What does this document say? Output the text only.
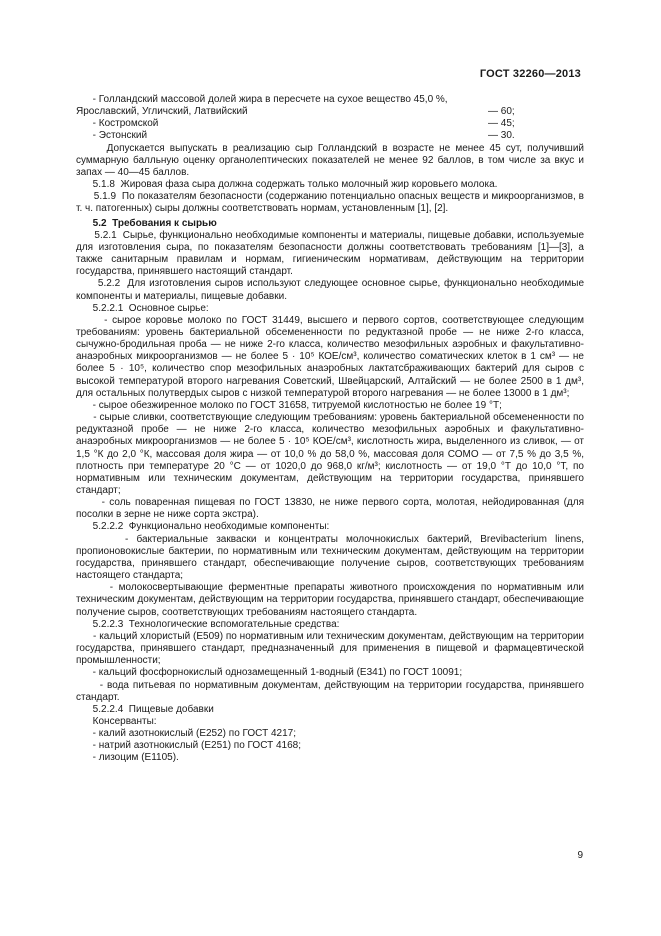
ГОСТ 32260—2013

- Голландский массовой долей жира в пересчете на сухое вещество 45,0 %,

Ярославский, Угличский, Латвийский	— 60;
- Костромской	— 45;
- Эстонский	— 30.

Допускается выпускать в реализацию сыр Голландский в возрасте не менее 45 сут, получивший суммарную балльную оценку органолептических показателей не менее 92 баллов, в том числе за вкус и запах — 40—45 баллов.

5.1.8  Жировая фаза сыра должна содержать только молочный жир коровьего молока.

5.1.9  По показателям безопасности (содержанию потенциально опасных веществ и микроорганизмов, в т. ч. патогенных) сыры должны соответствовать нормам, установленным [1], [2].

5.2  Требования к сырью

5.2.1  Сырье, функционально необходимые компоненты и материалы, пищевые добавки, используемые для изготовления сыра, по показателям безопасности должны соответствовать требованиям [1]—[3], а также санитарным правилам и нормам, гигиеническим нормативам, действующим на территории государства, принявшего настоящий стандарт.

5.2.2  Для изготовления сыров используют следующее основное сырье, функционально необходимые компоненты и материалы, пищевые добавки.

5.2.2.1  Основное сырье:

- сырое коровье молоко по ГОСТ 31449, высшего и первого сортов, соответствующее следующим требованиям: уровень бактериальной обсемененности по редуктазной пробе — не ниже 2-го класса, сычужно-бродильная проба — не ниже 2-го класса, количество мезофильных аэробных и факультативно-анаэробных микроорганизмов — не более 5 · 10⁵ КОЕ/см³, количество соматических клеток в 1 см³ — не более 5 · 10⁵, количество спор мезофильных анаэробных лактатсбраживающих бактерий для сыров с высокой температурой второго нагревания Советский, Швейцарский, Алтайский — не более 2500 в 1 дм³, для остальных полутвердых сыров с низкой температурой второго нагревания — не более 13000 в 1 дм³;

- сырое обезжиренное молоко по ГОСТ 31658, титруемой кислотностью не более 19 °Т;

- сырые сливки, соответствующие следующим требованиям: уровень бактериальной обсемененности по редуктазной пробе — не ниже 2-го класса, количество мезофильных аэробных и факультативно-анаэробных микроорганизмов — не более 5 · 10⁵ КОЕ/см³, кислотность жира, выделенного из сливок, — от 1,5 °К до 2,0 °К, массовая доля жира — от 10,0 % до 58,0 %, массовая доля СОМО — от 7,5 % до 3,5 %, плотность при температуре 20 °С — от 1020,0 до 968,0 кг/м³; кислотность — от 19,0 °Т до 10,0 °Т, по нормативным или техническим документам, действующим на территории государства, принявшего стандарт;

- соль поваренная пищевая по ГОСТ 13830, не ниже первого сорта, молотая, нейодированная (для посолки в зерне не ниже сорта экстра).

5.2.2.2  Функционально необходимые компоненты:

- бактериальные закваски и концентраты молочнокислых бактерий, Brevibacterium linens, пропионовокислые бактерии, по нормативным или техническим документам, действующим на территории государства, принявшего стандарт, обеспечивающие получение сыров, соответствующих требованиям настоящего стандарта;

- молокосвертывающие ферментные препараты животного происхождения по нормативным или техническим документам, действующим на территории государства, принявшего стандарт, обеспечивающие получение сыров, соответствующих требованиям настоящего стандарта.

5.2.2.3  Технологические вспомогательные средства:

- кальций хлористый (Е509) по нормативным или техническим документам, действующим на территории государства, принявшего стандарт, предназначенный для применения в пищевой и фармацевтической промышленности;

- кальций фосфорнокислый однозамещенный 1-водный (Е341) по ГОСТ 10091;

- вода питьевая по нормативным документам, действующим на территории государства, принявшего стандарт.

5.2.2.4  Пищевые добавки

Консерванты:

- калий азотнокислый (Е252) по ГОСТ 4217;

- натрий азотнокислый (Е251) по ГОСТ 4168;

- лизоцим (Е1105).

9
